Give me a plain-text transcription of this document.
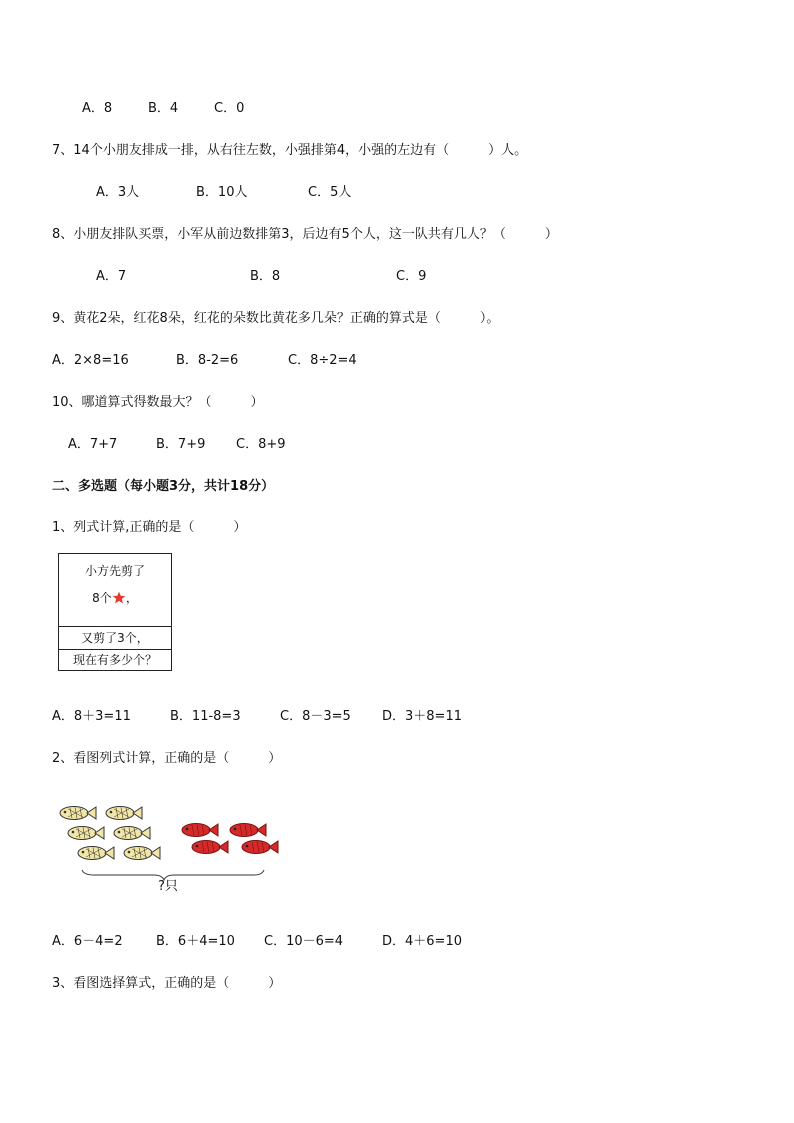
A．8	B．4	C．0
7、14个小朋友排成一排，从右往左数，小强排第4，小强的左边有（　　　）人。
A．3人	B．10人	C．5人
8、小朋友排队买票，小军从前边数排第3，后边有5个人，这一队共有几人？（　　　）
A．7	B．8	C．9
9、黄花2朵，红花8朵，红花的朵数比黄花多几朵？正确的算式是（　　　）。
A．2×8=16	B．8-2=6	C．8÷2=4
10、哪道算式得数最大？（　　　）
A．7+7	B．7+9 C．8+9
二、多选题（每小题3分，共计18分）
1、列式计算,正确的是（　　　）
小方先剪了
8个 ，
又剪了3个，
现在有多少个？
A．8＋3=11	B．11-8=3	C．8－3=5 D．3＋8=11
2、看图列式计算，正确的是（　　　）
?只
A．6－4=2	B．6＋4=10 C．10－6=4	D．4＋6=10
3、看图选择算式，正确的是（　　　）
